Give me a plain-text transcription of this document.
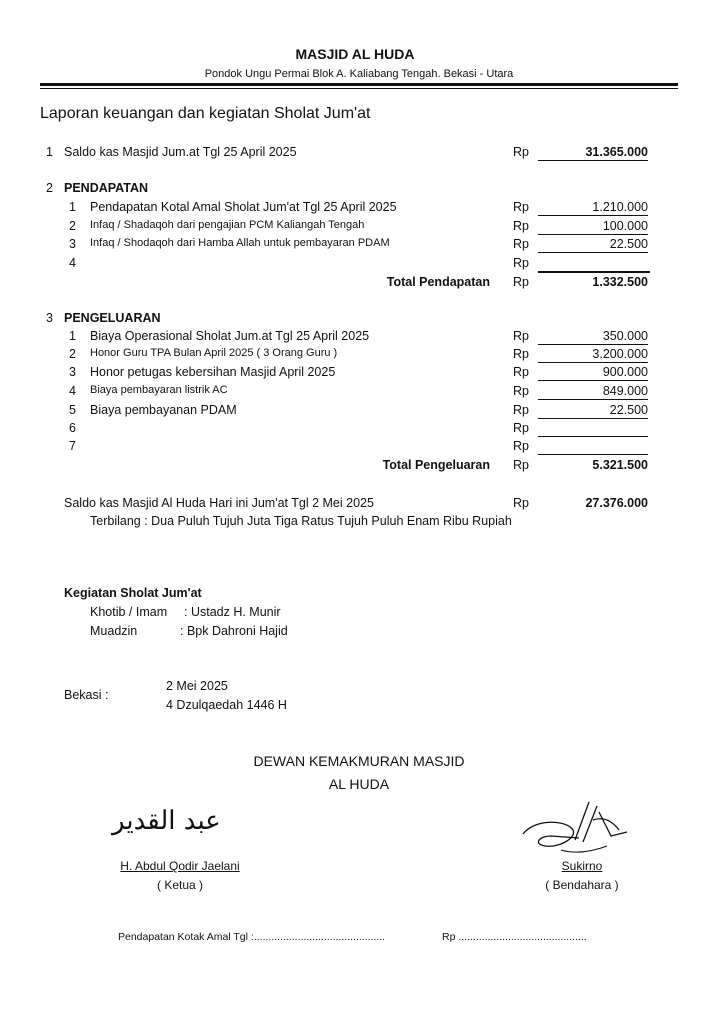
MASJID AL HUDA
Pondok Ungu Permai Blok A. Kaliabang Tengah. Bekasi - Utara
Laporan keuangan dan kegiatan Sholat Jum'at
1 Saldo kas Masjid Jum.at Tgl 25 April 2025	Rp	31.365.000
2 PENDAPATAN
1 Pendapatan Kotal Amal Sholat Jum'at Tgl 25 April 2025	Rp	1.210.000
2 Infaq / Shadaqoh dari pengajian PCM Kaliangah Tengah	Rp	100.000
3 Infaq / Shodaqoh dari Hamba Allah untuk pembayaran PDAM	Rp	22.500
4	Rp
Total Pendapatan Rp	1.332.500
3 PENGELUARAN
1 Biaya Operasional Sholat Jum.at Tgl 25 April 2025	Rp	350.000
2 Honor Guru TPA Bulan April 2025 ( 3 Orang Guru )	Rp	3.200.000
3 Honor petugas kebersihan Masjid April 2025	Rp	900.000
4 Biaya pembayaran listrik AC	Rp	849.000
5 Biaya pembayanan PDAM	Rp	22.500
6	Rp
7	Rp
Total Pengeluaran Rp	5.321.500
Saldo kas Masjid Al Huda Hari ini Jum'at Tgl 2 Mei 2025	Rp	27.376.000
Terbilang : Dua Puluh Tujuh Juta Tiga Ratus Tujuh Puluh Enam Ribu Rupiah
Kegiatan Sholat Jum'at
Khotib / Imam : Ustadz H. Munir
Muadzin	: Bpk Dahroni Hajid
Bekasi :
2 Mei 2025
4 Dzulqaedah 1446 H
DEWAN KEMAKMURAN MASJID
AL HUDA
عبد القدير
H. Abdul Qodir Jaelani
( Ketua )
Sukirno
( Bendahara )
Pendapatan Kotak Amal Tgl :.............................................	Rp ............................................
